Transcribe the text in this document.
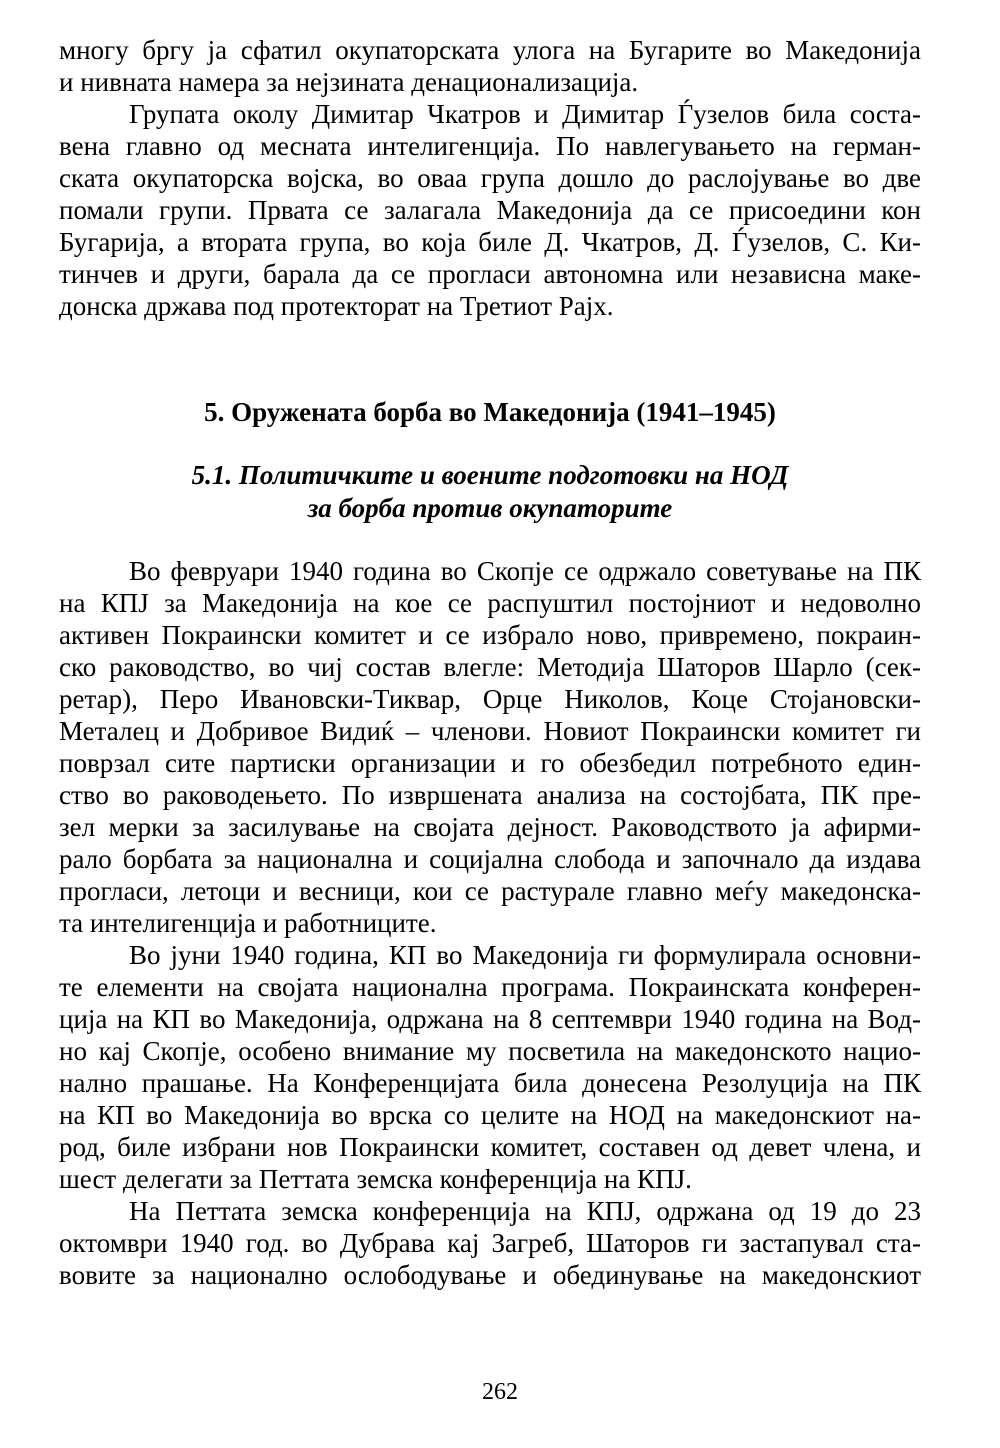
многу бргу ја сфатил окупаторската улога на Бугарите во Македонија
и нивната намера за нејзината денационализација.
Групата околу Димитар Чкатров и Димитар Ѓузелов била соста-
вена главно од месната интелигенција. По навлегувањето на герман-
ската окупаторска војска, во оваа група дошло до раслојување во две
помали групи. Првата се залагала Македонија да се присоедини кон
Бугарија, а втората група, во која биле Д. Чкатров, Д. Ѓузелов, С. Ки-
тинчев и други, барала да се прогласи автономна или независна маке-
донска држава под протекторат на Третиот Рајх.
5. Оружената борба во Македонија (1941–1945)
5.1. Политичките и воените подготовки на НОД
за борба против окупаторите
Во февруари 1940 година во Скопје се одржало советување на ПК
на КПЈ за Македонија на кое се распуштил постојниот и недоволно
активен Покраински комитет и се избрало ново, привремено, покраин-
ско раководство, во чиј состав влегле: Методија Шаторов Шарло (сек-
ретар), Перо Ивановски-Тиквар, Орце Николов, Коце Стојановски-
Металец и Добривое Видиќ – членови. Новиот Покраински комитет ги
поврзал сите партиски организации и го обезбедил потребното един-
ство во раководењето. По извршената анализа на состојбата, ПК пре-
зел мерки за засилување на својата дејност. Раководството ја афирми-
рало борбата за национална и социјална слобода и започнало да издава
прогласи, летоци и весници, кои се растурале главно меѓу македонска-
та интелигенција и работниците.
Во јуни 1940 година, КП во Македонија ги формулирала основни-
те елементи на својата национална програма. Покраинската конферен-
ција на КП во Македонија, одржана на 8 септември 1940 година на Вод-
но кај Скопје, особено внимание му посветила на македонското нацио-
нално прашање. На Конференцијата била донесена Резолуција на ПК
на КП во Македонија во врска со целите на НОД на македонскиот на-
род, биле избрани нов Покраински комитет, составен од девет члена, и
шест делегати за Петтата земска конференција на КПЈ.
На Петтата земска конференција на КПЈ, одржана од 19 до 23
октомври 1940 год. во Дубрава кај Загреб, Шаторов ги застапувал ста-
вовите за национално ослободување и обединување на македонскиот
262
